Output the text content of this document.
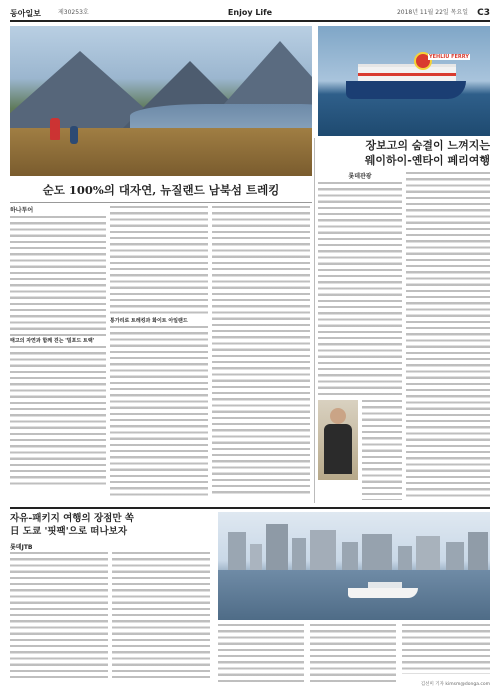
동아일보	제30253호	Enjoy Life	2018년 11월 22일 목요일 C3
YEHLIU FERRY
장보고의 숨결이 느껴지는
웨이하이-옌타이 페리여행
순도 100%의 대자연, 뉴질랜드 남북섬 트레킹
하나투어
태고의 자연과 함께 걷는 '밀포드 트랙'
통가리로 트레킹과 화이트 아일랜드
롯데관광
자유-패키지 여행의 장점만 쏙
日 도쿄 '핏팩'으로 떠나보자
롯데JTB
김선미 기자 kimsm@donga.com
